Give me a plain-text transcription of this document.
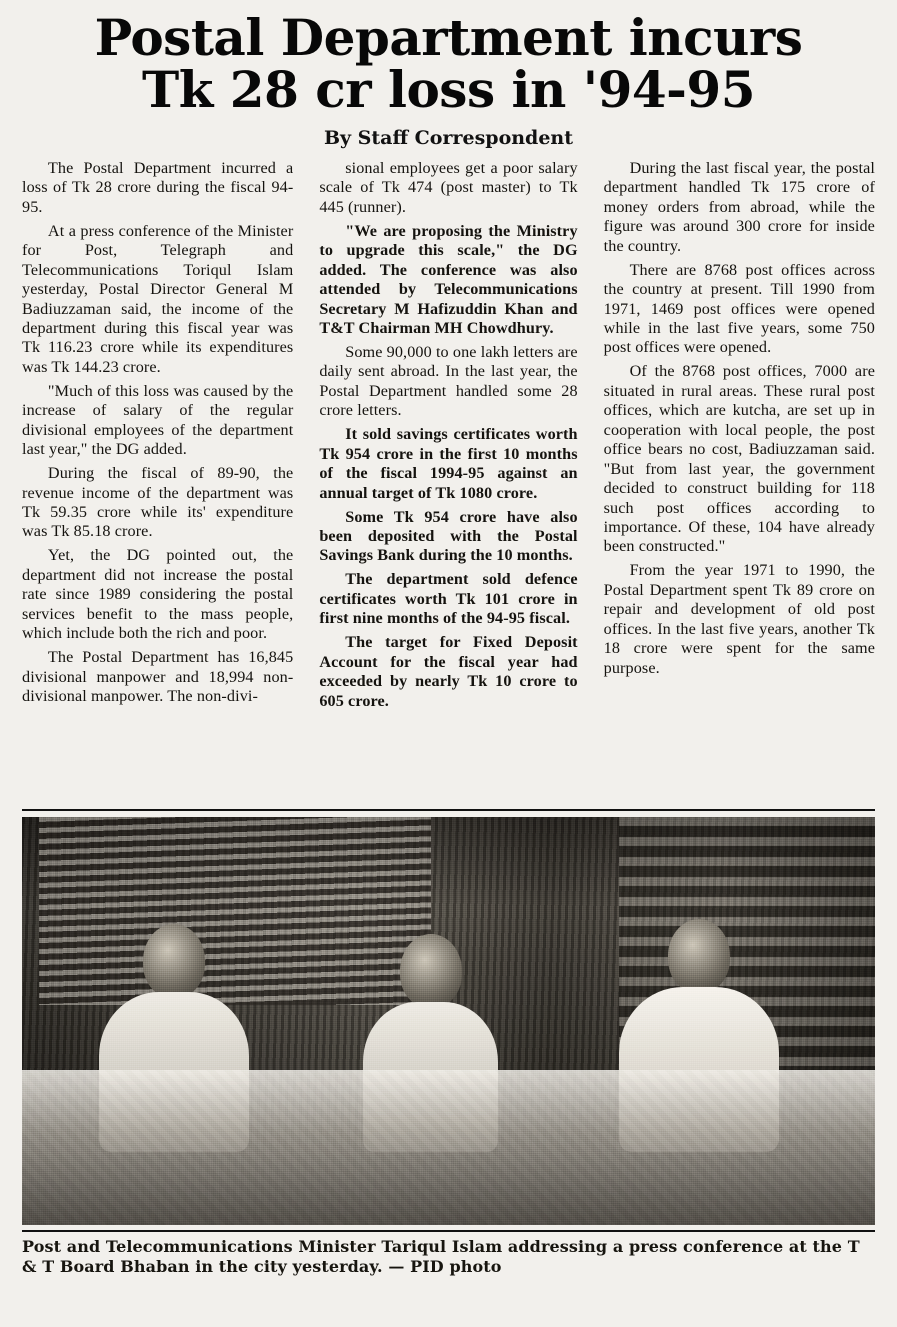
Postal Department incurs
Tk 28 cr loss in '94-95
By Staff Correspondent

The Postal Department incurred a loss of Tk 28 crore during the fiscal 94-95.

At a press conference of the Minister for Post, Telegraph and Telecommunications Toriqul Islam yesterday, Postal Director General M Badiuzzaman said, the income of the department during this fiscal year was Tk 116.23 crore while its expenditures was Tk 144.23 crore.

"Much of this loss was caused by the increase of salary of the regular divisional employees of the department last year," the DG added.

During the fiscal of 89-90, the revenue income of the department was Tk 59.35 crore while its' expenditure was Tk 85.18 crore.

Yet, the DG pointed out, the department did not increase the postal rate since 1989 considering the postal services benefit to the mass people, which include both the rich and poor.

The Postal Department has 16,845 divisional manpower and 18,994 non-divisional manpower. The non-divi-

sional employees get a poor salary scale of Tk 474 (post master) to Tk 445 (runner).

"We are proposing the Ministry to upgrade this scale," the DG added. The conference was also attended by Telecommunications Secretary M Hafizuddin Khan and T&T Chairman MH Chowdhury.

Some 90,000 to one lakh letters are daily sent abroad. In the last year, the Postal Department handled some 28 crore letters.

It sold savings certificates worth Tk 954 crore in the first 10 months of the fiscal 1994-95 against an annual target of Tk 1080 crore.

Some Tk 954 crore have also been deposited with the Postal Savings Bank during the 10 months.

The department sold defence certificates worth Tk 101 crore in first nine months of the 94-95 fiscal.

The target for Fixed Deposit Account for the fiscal year had exceeded by nearly Tk 10 crore to 605 crore.

During the last fiscal year, the postal department handled Tk 175 crore of money orders from abroad, while the figure was around 300 crore for inside the country.

There are 8768 post offices across the country at present. Till 1990 from 1971, 1469 post offices were opened while in the last five years, some 750 post offices were opened.

Of the 8768 post offices, 7000 are situated in rural areas. These rural post offices, which are kutcha, are set up in cooperation with local people, the post office bears no cost, Badiuzzaman said. "But from last year, the government decided to construct building for 118 such post offices according to importance. Of these, 104 have already been constructed."

From the year 1971 to 1990, the Postal Department spent Tk 89 crore on repair and development of old post offices. In the last five years, another Tk 18 crore were spent for the same purpose.

Post and Telecommunications Minister Tariqul Islam addressing a press conference at the T & T Board Bhaban in the city yesterday. — PID photo
